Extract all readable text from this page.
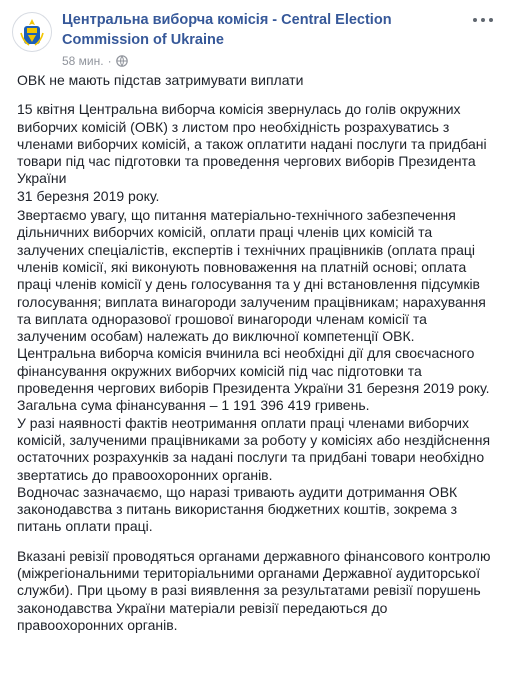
Центральна виборча комісія - Central Election
Commission of Ukraine
58 мин. ·

ОВК не мають підстав затримувати виплати

15 квітня Центральна виборча комісія звернулась до голів окружних

виборчих комісій (ОВК) з листом про необхідність розрахуватись з

членами виборчих комісій, а також оплатити надані послуги та придбані

товари під час підготовки та проведення чергових виборів Президента

України

31 березня 2019 року.

Звертаємо увагу, що питання матеріально-технічного забезпечення

дільничних виборчих комісій, оплати праці членів цих комісій та

залучених спеціалістів, експертів і технічних працівників (оплата праці

членів комісії, які виконують повноваження на платній основі; оплата

праці членів комісії у день голосування та у дні встановлення підсумків

голосування; виплата винагороди залученим працівникам; нарахування

та виплата одноразової грошової винагороди членам комісії та

залученим особам) належать до виключної компетенції ОВК.

Центральна виборча комісія вчинила всі необхідні дії для своєчасного

фінансування окружних виборчих комісій під час підготовки та

проведення чергових виборів Президента України 31 березня 2019 року.

Загальна сума фінансування – 1 191 396 419 гривень.

У разі наявності фактів неотримання оплати праці членами виборчих

комісій, залученими працівниками за роботу у комісіях або нездійснення

остаточних розрахунків за надані послуги та придбані товари необхідно

звертатись до правоохоронних органів.

Водночас зазначаємо, що наразі тривають аудити дотримання ОВК

законодавства з питань використання бюджетних коштів, зокрема з

питань оплати праці.

Вказані ревізії проводяться органами державного фінансового контролю

(міжрегіональними територіальними органами Державної аудиторської

служби). При цьому в разі виявлення за результатами ревізії порушень

законодавства України матеріали ревізії передаються до

правоохоронних органів.
